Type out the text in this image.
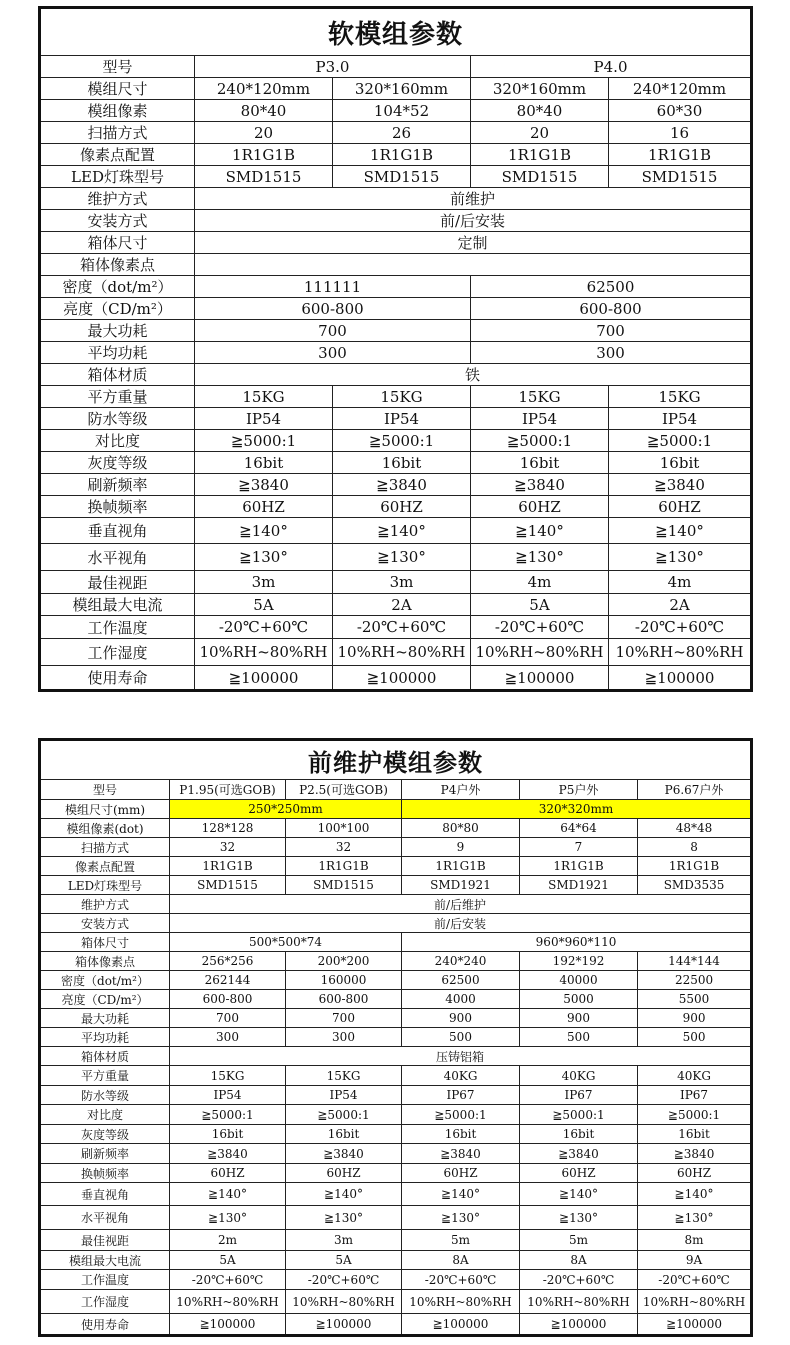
软模组参数				
型号	P3.0		P4.0	
模组尺寸	240*120mm	320*160mm	320*160mm	240*120mm
模组像素	80*40	104*52	80*40	60*30
扫描方式	20	26	20	16
像素点配置	1R1G1B	1R1G1B	1R1G1B	1R1G1B
LED灯珠型号	SMD1515	SMD1515	SMD1515	SMD1515
维护方式	前维护			
安装方式	前/后安装			
箱体尺寸	定制			
箱体像素点				
密度（dot/m²）	111111		62500	
亮度（CD/m²）	600-800		600-800	
最大功耗	700		700	
平均功耗	300		300	
箱体材质	铁			
平方重量	15KG	15KG	15KG	15KG
防水等级	IP54	IP54	IP54	IP54
对比度	≧5000:1	≧5000:1	≧5000:1	≧5000:1
灰度等级	16bit	16bit	16bit	16bit
刷新频率	≧3840	≧3840	≧3840	≧3840
换帧频率	60HZ	60HZ	60HZ	60HZ
垂直视角	≧140°	≧140°	≧140°	≧140°
水平视角	≧130°	≧130°	≧130°	≧130°
最佳视距	3m	3m	4m	4m
模组最大电流	5A	2A	5A	2A
工作温度	-20℃+60℃	-20℃+60℃	-20℃+60℃	-20℃+60℃
工作湿度	10%RH~80%RH	10%RH~80%RH	10%RH~80%RH	10%RH~80%RH
使用寿命	≧100000	≧100000	≧100000	≧100000
前维护模组参数					
型号	P1.95(可选GOB)	P2.5(可选GOB)	P4户外	P5户外	P6.67户外
模组尺寸(mm)	250*250mm		320*320mm		
模组像素(dot)	128*128	100*100	80*80	64*64	48*48
扫描方式	32	32	9	7	8
像素点配置	1R1G1B	1R1G1B	1R1G1B	1R1G1B	1R1G1B
LED灯珠型号	SMD1515	SMD1515	SMD1921	SMD1921	SMD3535
维护方式	前/后维护				
安装方式	前/后安装				
箱体尺寸	500*500*74		960*960*110		
箱体像素点	256*256	200*200	240*240	192*192	144*144
密度（dot/m²）	262144	160000	62500	40000	22500
亮度（CD/m²）	600-800	600-800	4000	5000	5500
最大功耗	700	700	900	900	900
平均功耗	300	300	500	500	500
箱体材质	压铸铝箱				
平方重量	15KG	15KG	40KG	40KG	40KG
防水等级	IP54	IP54	IP67	IP67	IP67
对比度	≧5000:1	≧5000:1	≧5000:1	≧5000:1	≧5000:1
灰度等级	16bit	16bit	16bit	16bit	16bit
刷新频率	≧3840	≧3840	≧3840	≧3840	≧3840
换帧频率	60HZ	60HZ	60HZ	60HZ	60HZ
垂直视角	≧140°	≧140°	≧140°	≧140°	≧140°
水平视角	≧130°	≧130°	≧130°	≧130°	≧130°
最佳视距	2m	3m	5m	5m	8m
模组最大电流	5A	5A	8A	8A	9A
工作温度	-20℃+60℃	-20℃+60℃	-20℃+60℃	-20℃+60℃	-20℃+60℃
工作湿度	10%RH~80%RH	10%RH~80%RH	10%RH~80%RH	10%RH~80%RH	10%RH~80%RH
使用寿命	≧100000	≧100000	≧100000	≧100000	≧100000
